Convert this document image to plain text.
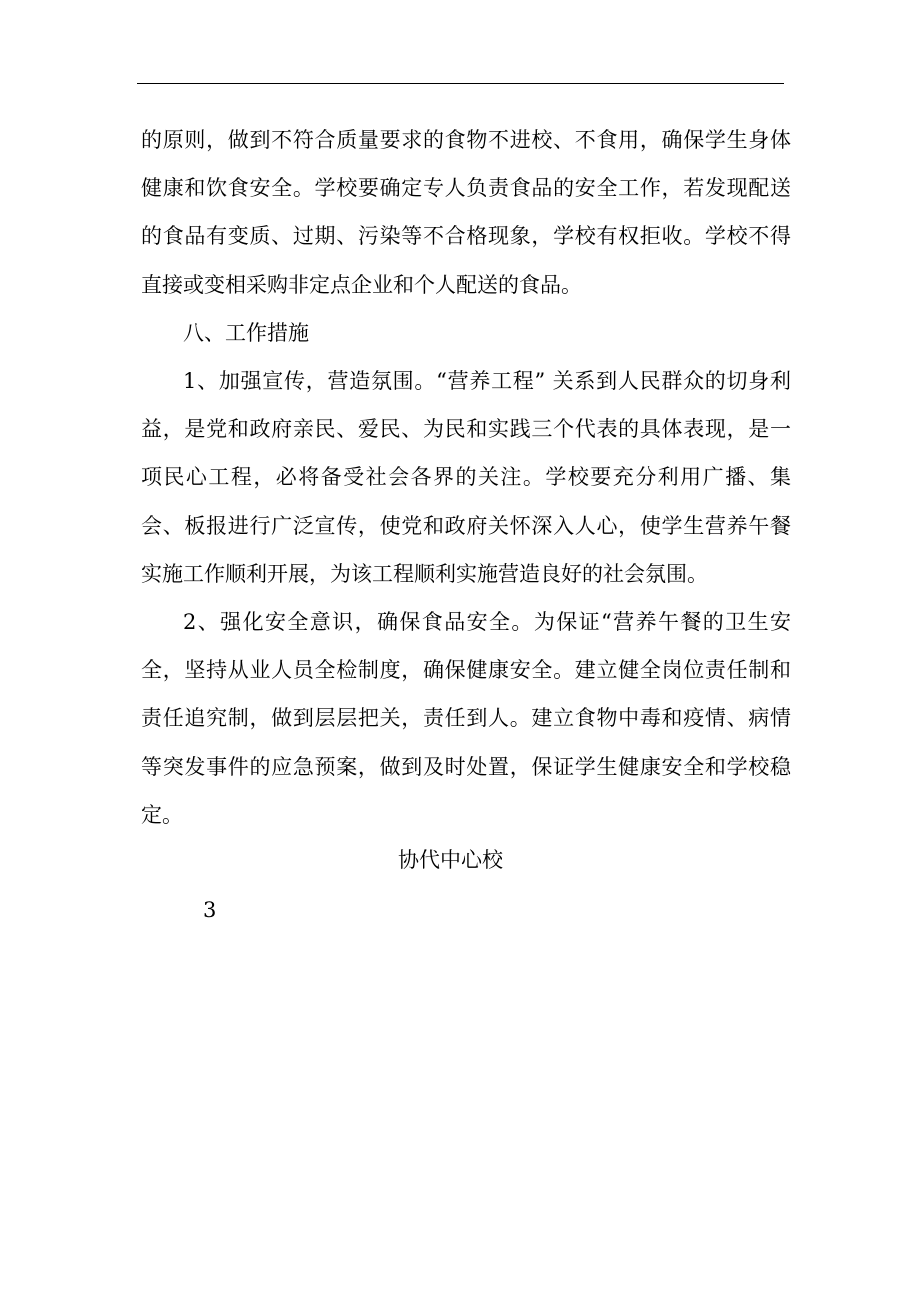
的原则，做到不符合质量要求的食物不进校、不食用，确保学生身体健康和饮食安全。学校要确定专人负责食品的安全工作，若发现配送的食品有变质、过期、污染等不合格现象，学校有权拒收。学校不得直接或变相采购非定点企业和个人配送的食品。

八、工作措施

1、加强宣传，营造氛围。“营养工程” 关系到人民群众的切身利益，是党和政府亲民、爱民、为民和实践三个代表的具体表现，是一项民心工程，必将备受社会各界的关注。学校要充分利用广播、集会、板报进行广泛宣传，使党和政府关怀深入人心，使学生营养午餐实施工作顺利开展，为该工程顺利实施营造良好的社会氛围。

2、强化安全意识，确保食品安全。为保证“营养午餐的卫生安全，坚持从业人员全检制度，确保健康安全。建立健全岗位责任制和责任追究制，做到层层把关，责任到人。建立食物中毒和疫情、病情等突发事件的应急预案，做到及时处置，保证学生健康安全和学校稳定。

协代中心校
3
